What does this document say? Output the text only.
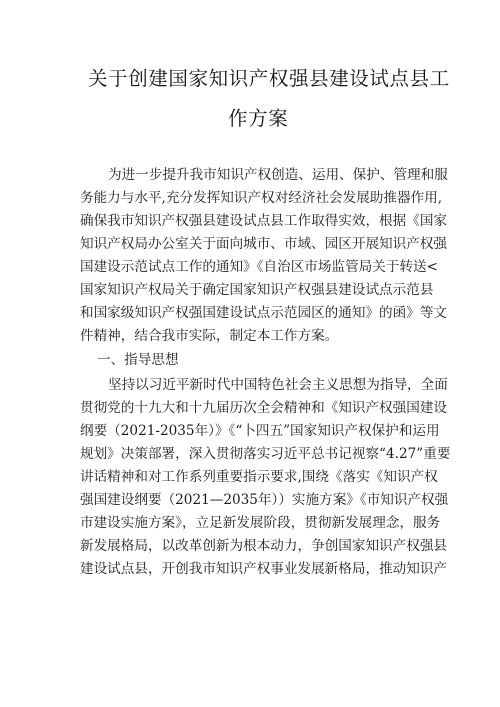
关于创建国家知识产权强县建设试点县工
作方案
为进一步提升我市知识产权创造、运用、保护、管理和服
务能力与水平,充分发挥知识产权对经济社会发展助推器作用,
确保我市知识产权强县建设试点县工作取得实效，根据《国家
知识产权局办公室关于面向城市、市域、园区开展知识产权强
国建设示范试点工作的通知》《自治区市场监管局关于转送<
国家知识产权局关于确定国家知识产权强县建设试点示范县
和国家级知识产权强国建设试点示范园区的通知》的函》等文
件精神，结合我市实际，制定本工作方案。
一、指导思想
坚持以习近平新时代中国特色社会主义思想为指导，全面
贯彻党的十九大和十九届历次全会精神和《知识产权强国建设
纲要（2021-2035年）》《“卜四五”国家知识产权保护和运用
规划》决策部署，深入贯彻落实习近平总书记视察“4.27”重要
讲话精神和对工作系列重要指示要求,围绕《落实《知识产权
强国建设纲要（2021—2035年））实施方案》《市知识产权强
市建设实施方案》，立足新发展阶段，贯彻新发展理念，服务
新发展格局，以改革创新为根本动力，争创国家知识产权强县
建设试点县，开创我市知识产权事业发展新格局，推动知识产
